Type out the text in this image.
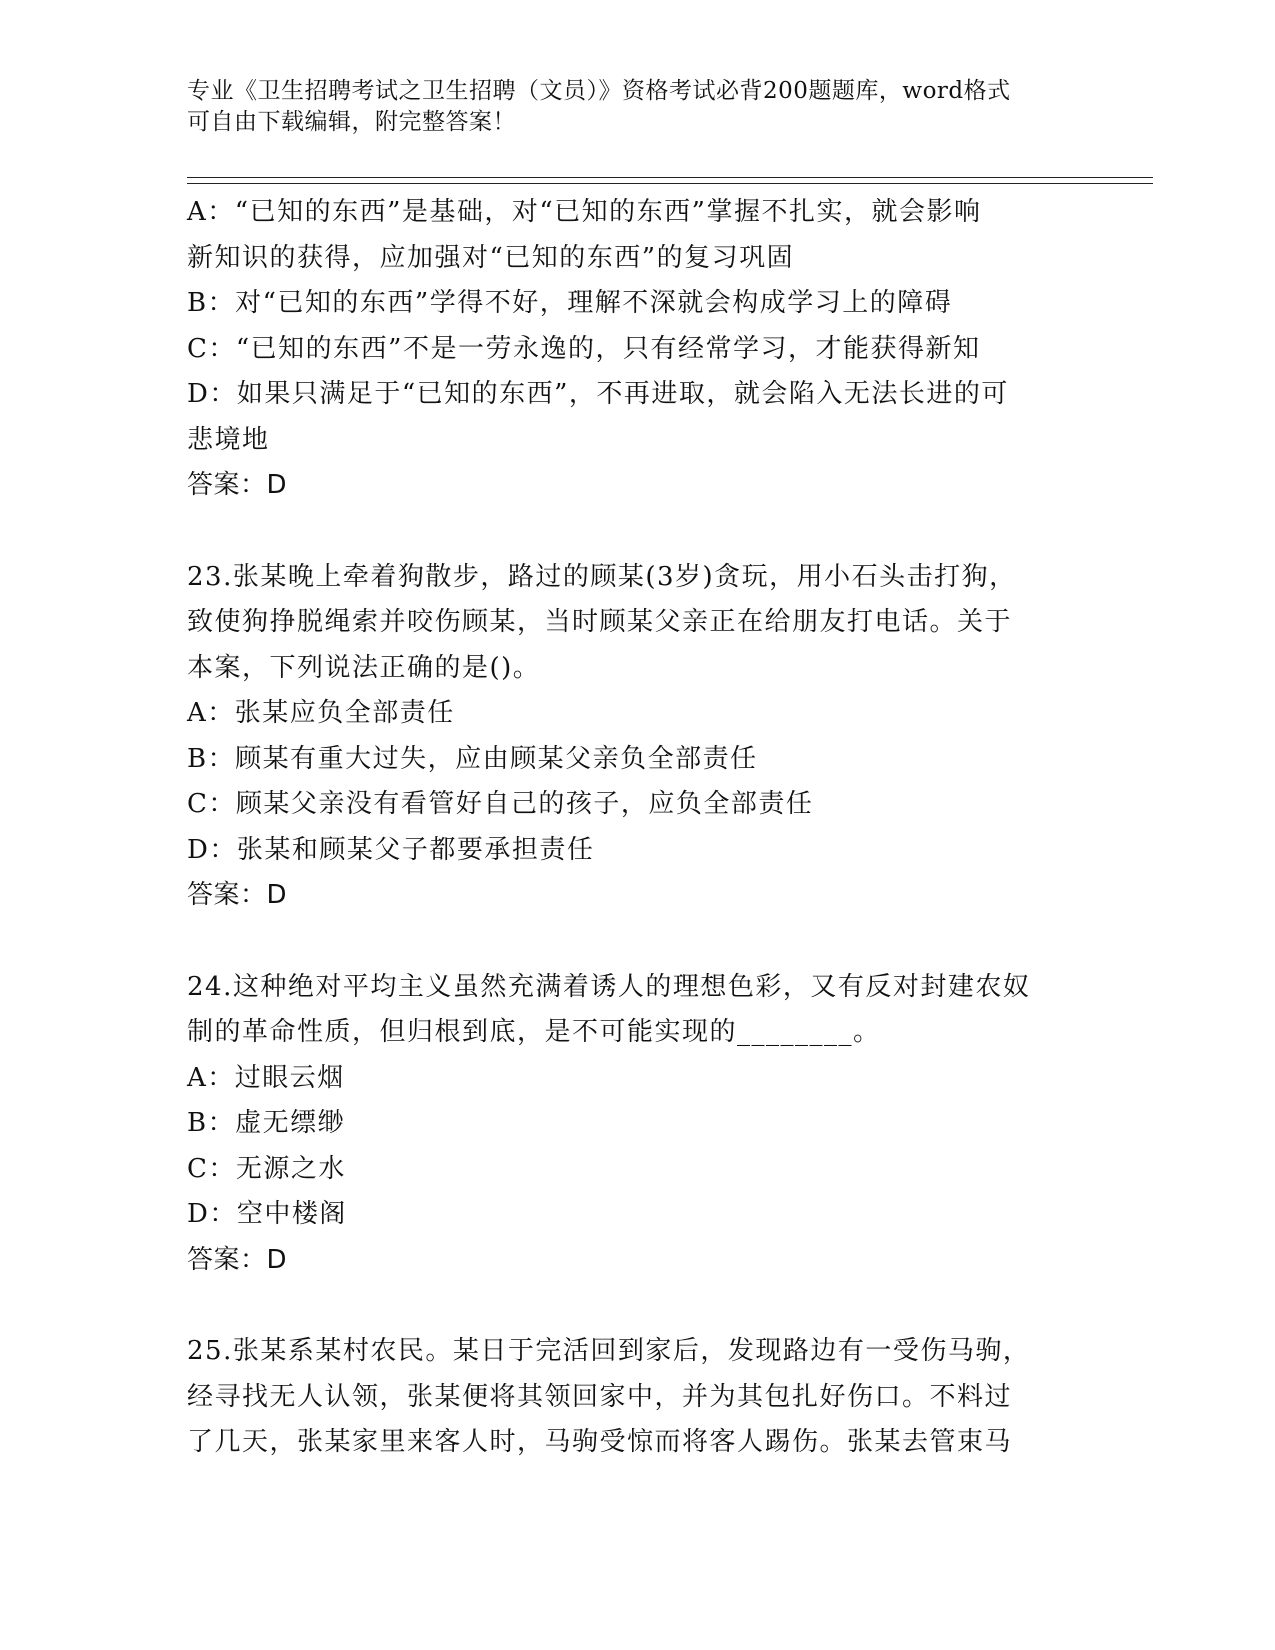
专业《卫生招聘考试之卫生招聘（文员）》资格考试必背200题题库，word格式
可自由下载编辑，附完整答案！
A：“已知的东西”是基础，对“已知的东西”掌握不扎实，就会影响
新知识的获得，应加强对“已知的东西”的复习巩固
B：对“已知的东西”学得不好，理解不深就会构成学习上的障碍
C：“已知的东西”不是一劳永逸的，只有经常学习，才能获得新知
D：如果只满足于“已知的东西”，不再进取，就会陷入无法长进的可
悲境地
答案：D
23.张某晚上牵着狗散步，路过的顾某(3岁)贪玩，用小石头击打狗，
致使狗挣脱绳索并咬伤顾某，当时顾某父亲正在给朋友打电话。关于
本案，下列说法正确的是()。
A：张某应负全部责任
B：顾某有重大过失，应由顾某父亲负全部责任
C：顾某父亲没有看管好自己的孩子，应负全部责任
D：张某和顾某父子都要承担责任
答案：D
24.这种绝对平均主义虽然充满着诱人的理想色彩，又有反对封建农奴
制的革命性质，但归根到底，是不可能实现的________。
A：过眼云烟
B：虚无缥缈
C：无源之水
D：空中楼阁
答案：D
25.张某系某村农民。某日于完活回到家后，发现路边有一受伤马驹，
经寻找无人认领，张某便将其领回家中，并为其包扎好伤口。不料过
了几天，张某家里来客人时，马驹受惊而将客人踢伤。张某去管束马
